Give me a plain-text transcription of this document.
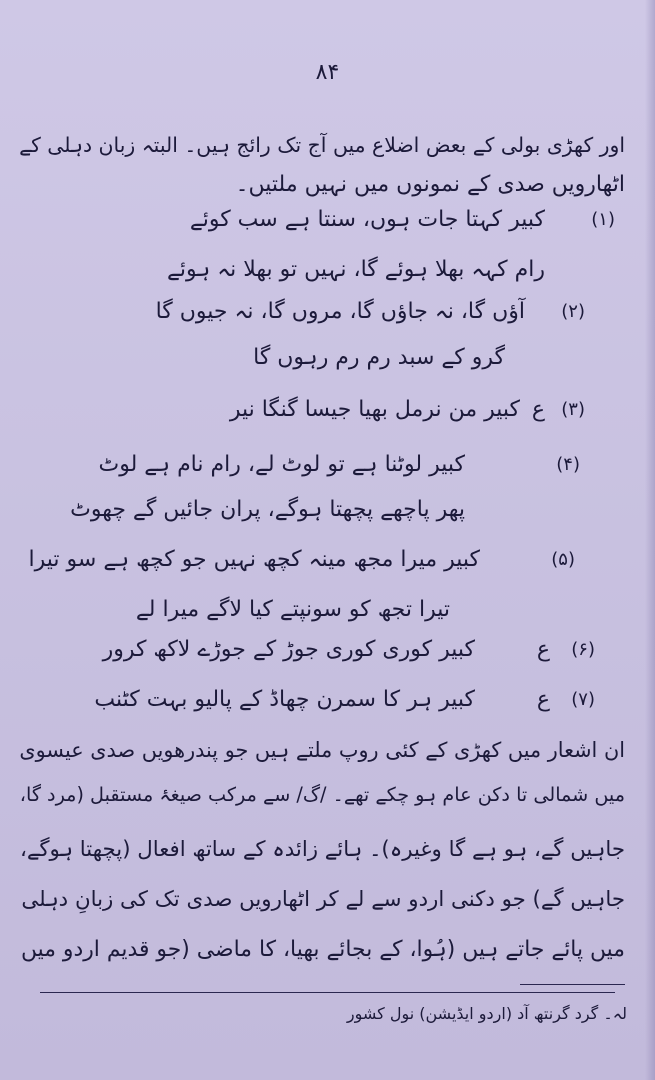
۸۴
اور کھڑی بولی کے بعض اضلاع میں آج تک رائج ہیں۔ البتہ زبان دہلی کے
اٹھارویں صدی کے نمونوں میں نہیں ملتیں۔
(۱)
کبیر کہتا جات ہوں، سنتا ہے سب کوئے
رام کہہ بھلا ہوئے گا، نہیں تو بھلا نہ ہوئے
(۲)
آؤں گا، نہ جاؤں گا، مروں گا، نہ جیوں گا
گرو کے سبد رم رم رہوں گا
(۳)
ع
کبیر من نرمل بھیا جیسا گنگا نیر
(۴)
کبیر لوٹنا ہے تو لوٹ لے، رام نام ہے لوٹ
پھر پاچھے پچھتا ہوگے، پران جائیں گے چھوٹ
(۵)
کبیر میرا مجھ مینہ کچھ نہیں جو کچھ ہے سو تیرا
تیرا تجھ کو سونپتے کیا لاگے میرا لے
(۶)
ع
کبیر کوری کوری جوڑ کے جوڑے لاکھ کرور
(۷)
ع
کبیر ہر کا سمرن چھاڈ کے پالیو بہت کٹنب
ان اشعار میں کھڑی کے کئی روپ ملتے ہیں جو پندرھویں صدی عیسوی
میں شمالی تا دکن عام ہو چکے تھے۔ /گ/ سے مرکب صیغۂ مستقبل (مرد گا،
جاہیں گے، ہو ہے گا وغیرہ)۔ ہائے زائدہ کے ساتھ افعال (پچھتا ہوگے،
جاہیں گے) جو دکنی اردو سے لے کر اٹھارویں صدی تک کی زبانِ دہلی
میں پائے جاتے ہیں (ہُوا، کے بجائے بھیا، کا ماضی (جو قدیم اردو میں
لہ۔ گرد گرنتھ آد (اردو ایڈیشن) نول کشور
